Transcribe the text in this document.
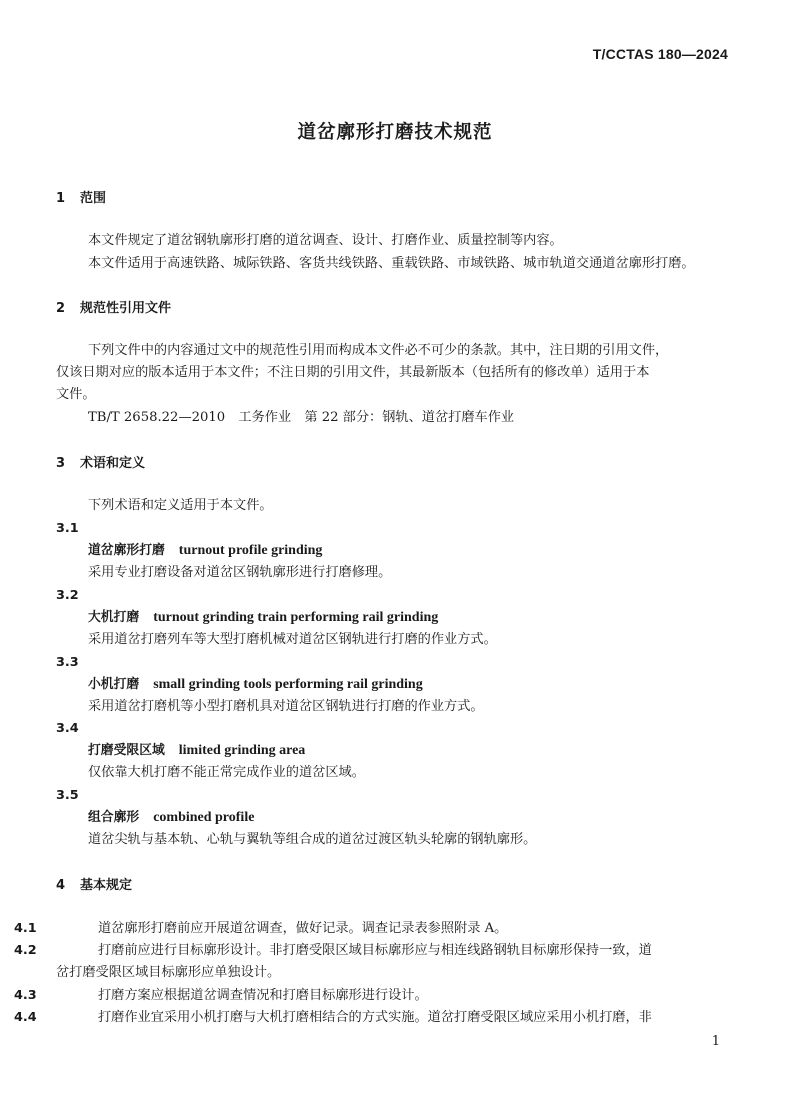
T/CCTAS 180—2024
道岔廓形打磨技术规范
1 范围
本文件规定了道岔钢轨廓形打磨的道岔调查、设计、打磨作业、质量控制等内容。
本文件适用于高速铁路、城际铁路、客货共线铁路、重载铁路、市域铁路、城市轨道交通道岔廓形打磨。
2 规范性引用文件
下列文件中的内容通过文中的规范性引用而构成本文件必不可少的条款。其中，注日期的引用文件，
仅该日期对应的版本适用于本文件；不注日期的引用文件，其最新版本（包括所有的修改单）适用于本
文件。
TB/T 2658.22—2010　工务作业　第 22 部分：钢轨、道岔打磨车作业
3 术语和定义
下列术语和定义适用于本文件。
3.1
道岔廓形打磨 turnout profile grinding
采用专业打磨设备对道岔区钢轨廓形进行打磨修理。
3.2
大机打磨 turnout grinding train performing rail grinding
采用道岔打磨列车等大型打磨机械对道岔区钢轨进行打磨的作业方式。
3.3
小机打磨 small grinding tools performing rail grinding
采用道岔打磨机等小型打磨机具对道岔区钢轨进行打磨的作业方式。
3.4
打磨受限区域 limited grinding area
仅依靠大机打磨不能正常完成作业的道岔区域。
3.5
组合廓形 combined profile
道岔尖轨与基本轨、心轨与翼轨等组合成的道岔过渡区轨头轮廓的钢轨廓形。
4 基本规定
4.1	道岔廓形打磨前应开展道岔调查，做好记录。调查记录表参照附录 A。
4.2	打磨前应进行目标廓形设计。非打磨受限区域目标廓形应与相连线路钢轨目标廓形保持一致，道
岔打磨受限区域目标廓形应单独设计。
4.3	打磨方案应根据道岔调查情况和打磨目标廓形进行设计。
4.4	打磨作业宜采用小机打磨与大机打磨相结合的方式实施。道岔打磨受限区域应采用小机打磨，非
1
